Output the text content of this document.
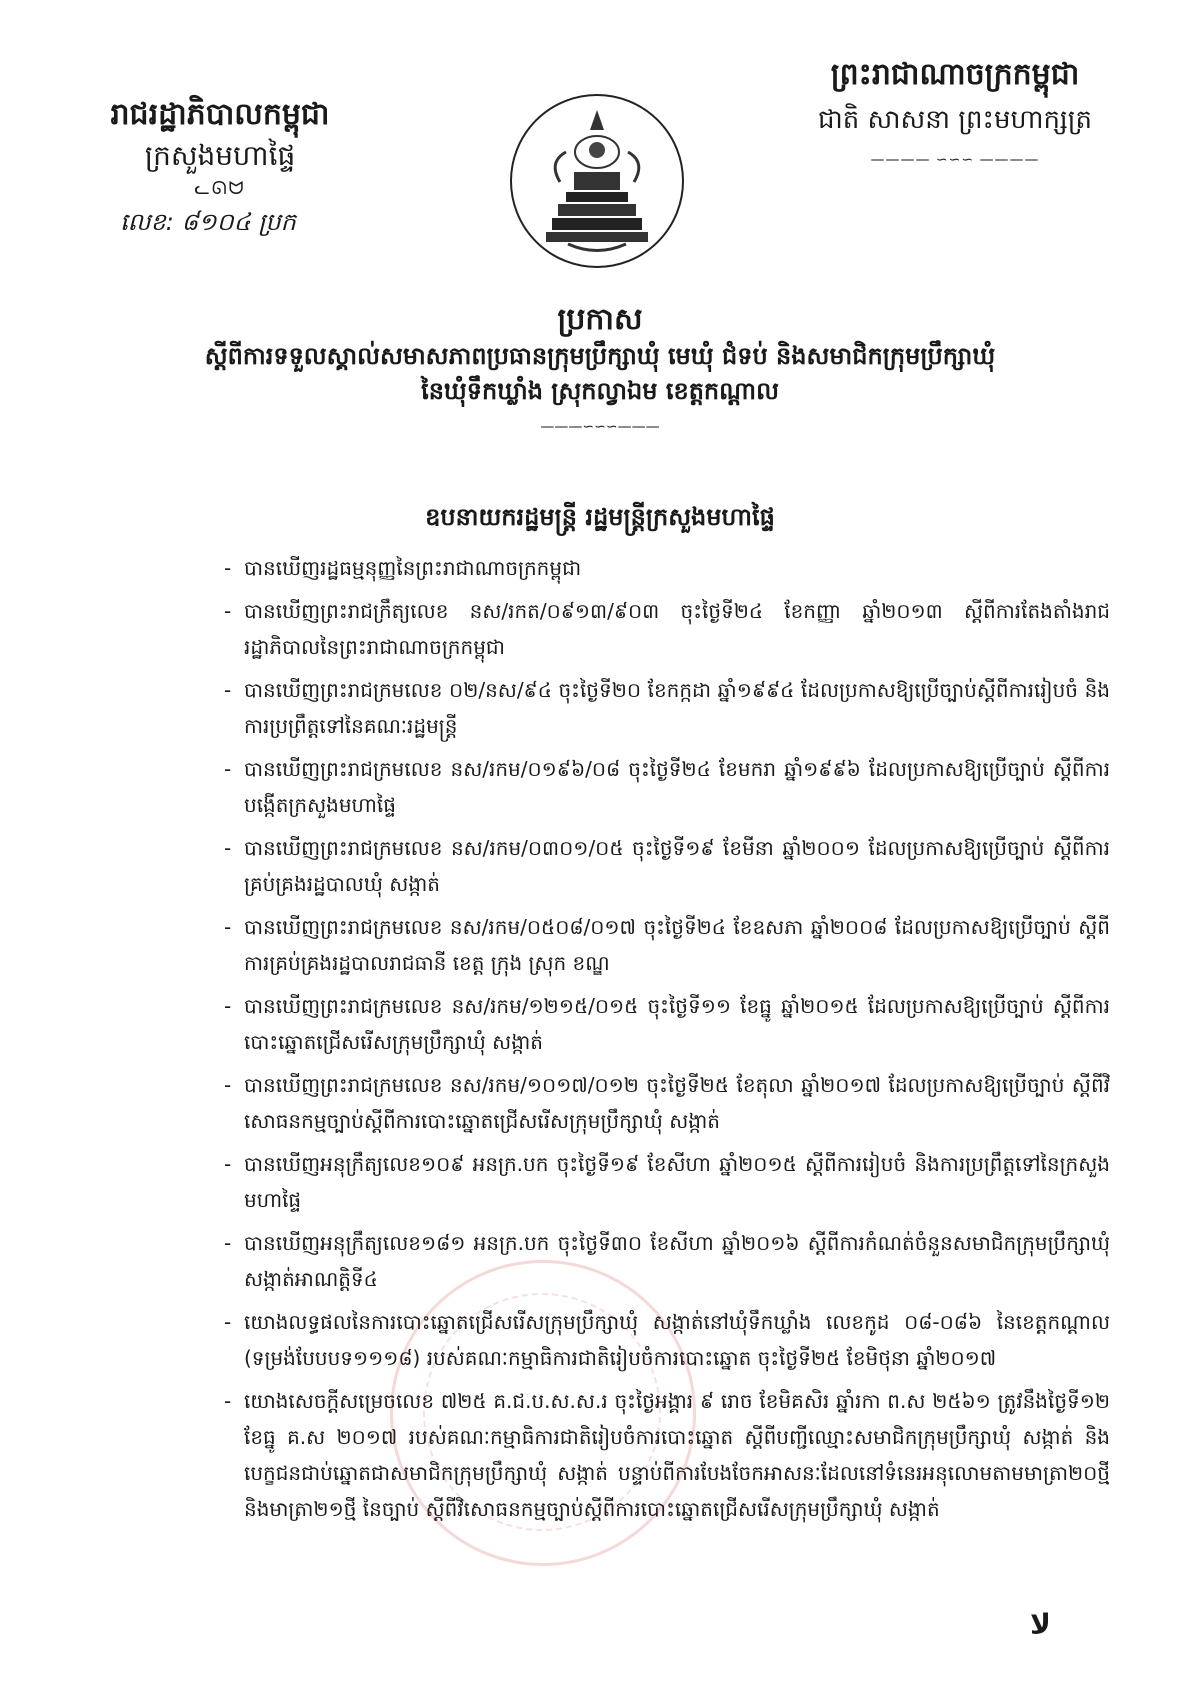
រាជរដ្ឋាភិបាលកម្ពុជា
ក្រសួងមហាផ្ទៃ
ᓚᘏᗢ
លេខ: ៨១០៤ ប្រក
ព្រះរាជាណាចក្រកម្ពុជា
ជាតិ សាសនា ព្រះមហាក្សត្រ
———— ∽∽∽ ————
ប្រកាស
ស្តីពីការទទួលស្គាល់សមាសភាពប្រធានក្រុមប្រឹក្សាឃុំ មេឃុំ ជំទប់ និងសមាជិកក្រុមប្រឹក្សាឃុំ
នៃឃុំទឹកឃ្លាំង ស្រុកល្វាឯម ខេត្តកណ្តាល
———∽∽∽———
ឧបនាយករដ្ឋមន្ត្រី រដ្ឋមន្ត្រីក្រសួងមហាផ្ទៃ
- បានឃើញរដ្ឋធម្មនុញ្ញនៃព្រះរាជាណាចក្រកម្ពុជា
- បានឃើញព្រះរាជក្រឹត្យលេខ នស/រកត/០៩១៣/៩០៣ ចុះថ្ងៃទី២៤ ខែកញ្ញា ឆ្នាំ២០១៣ ស្តីពីការតែងតាំងរាជរដ្ឋាភិបាលនៃព្រះរាជាណាចក្រកម្ពុជា
- បានឃើញព្រះរាជក្រមលេខ ០២/នស/៩៤ ចុះថ្ងៃទី២០ ខែកក្កដា ឆ្នាំ១៩៩៤ ដែលប្រកាសឱ្យប្រើច្បាប់ស្តីពីការរៀបចំ និងការប្រព្រឹត្តទៅនៃគណៈរដ្ឋមន្ត្រី
- បានឃើញព្រះរាជក្រមលេខ នស/រកម/០១៩៦/០៨ ចុះថ្ងៃទី២៤ ខែមករា ឆ្នាំ១៩៩៦ ដែលប្រកាសឱ្យប្រើច្បាប់ ស្តីពីការបង្កើតក្រសួងមហាផ្ទៃ
- បានឃើញព្រះរាជក្រមលេខ នស/រកម/០៣០១/០៥ ចុះថ្ងៃទី១៩ ខែមីនា ឆ្នាំ២០០១ ដែលប្រកាសឱ្យប្រើច្បាប់ ស្តីពីការគ្រប់គ្រងរដ្ឋបាលឃុំ សង្កាត់
- បានឃើញព្រះរាជក្រមលេខ នស/រកម/០៥០៨/០១៧ ចុះថ្ងៃទី២៤ ខែឧសភា ឆ្នាំ២០០៨ ដែលប្រកាសឱ្យប្រើច្បាប់ ស្តីពីការគ្រប់គ្រងរដ្ឋបាលរាជធានី ខេត្ត ក្រុង ស្រុក ខណ្ឌ
- បានឃើញព្រះរាជក្រមលេខ នស/រកម/១២១៥/០១៥ ចុះថ្ងៃទី១១ ខែធ្នូ ឆ្នាំ២០១៥ ដែលប្រកាសឱ្យប្រើច្បាប់ ស្តីពីការបោះឆ្នោតជ្រើសរើសក្រុមប្រឹក្សាឃុំ សង្កាត់
- បានឃើញព្រះរាជក្រមលេខ នស/រកម/១០១៧/០១២ ចុះថ្ងៃទី២៥ ខែតុលា ឆ្នាំ២០១៧ ដែលប្រកាសឱ្យប្រើច្បាប់ ស្តីពីវិសោធនកម្មច្បាប់ស្តីពីការបោះឆ្នោតជ្រើសរើសក្រុមប្រឹក្សាឃុំ សង្កាត់
- បានឃើញអនុក្រឹត្យលេខ១០៩ អនក្រ.បក ចុះថ្ងៃទី១៩ ខែសីហា ឆ្នាំ២០១៥ ស្តីពីការរៀបចំ និងការប្រព្រឹត្តទៅនៃក្រសួងមហាផ្ទៃ
- បានឃើញអនុក្រឹត្យលេខ១៨១ អនក្រ.បក ចុះថ្ងៃទី៣០ ខែសីហា ឆ្នាំ២០១៦ ស្តីពីការកំណត់ចំនួនសមាជិកក្រុមប្រឹក្សាឃុំ សង្កាត់អាណត្តិទី៤
- យោងលទ្ធផលនៃការបោះឆ្នោតជ្រើសរើសក្រុមប្រឹក្សាឃុំ សង្កាត់នៅឃុំទឹកឃ្លាំង លេខកូដ ០៨-០៨៦ នៃខេត្តកណ្តាល (ទម្រង់បែបបទ១១១៨) របស់គណៈកម្មាធិការជាតិរៀបចំការបោះឆ្នោត ចុះថ្ងៃទី២៥ ខែមិថុនា ឆ្នាំ២០១៧
- យោងសេចក្តីសម្រេចលេខ ៧២៥ គ.ជ.ប.ស.ស.រ ចុះថ្ងៃអង្គារ ៩ រោច ខែមិគសិរ ឆ្នាំរកា ព.ស ២៥៦១ ត្រូវនឹងថ្ងៃទី១២ ខែធ្នូ គ.ស ២០១៧ របស់គណៈកម្មាធិការជាតិរៀបចំការបោះឆ្នោត ស្តីពីបញ្ជីឈ្មោះសមាជិកក្រុមប្រឹក្សាឃុំ សង្កាត់ និងបេក្ខជនជាប់ឆ្នោតជាសមាជិកក្រុមប្រឹក្សាឃុំ សង្កាត់ បន្ទាប់ពីការបែងចែកអាសនៈដែលនៅទំនេរអនុលោមតាមមាត្រា២០ថ្មី និងមាត្រា២១ថ្មី នៃច្បាប់ ស្តីពីវិសោធនកម្មច្បាប់ស្តីពីការបោះឆ្នោតជ្រើសរើសក្រុមប្រឹក្សាឃុំ សង្កាត់
ﻻ
